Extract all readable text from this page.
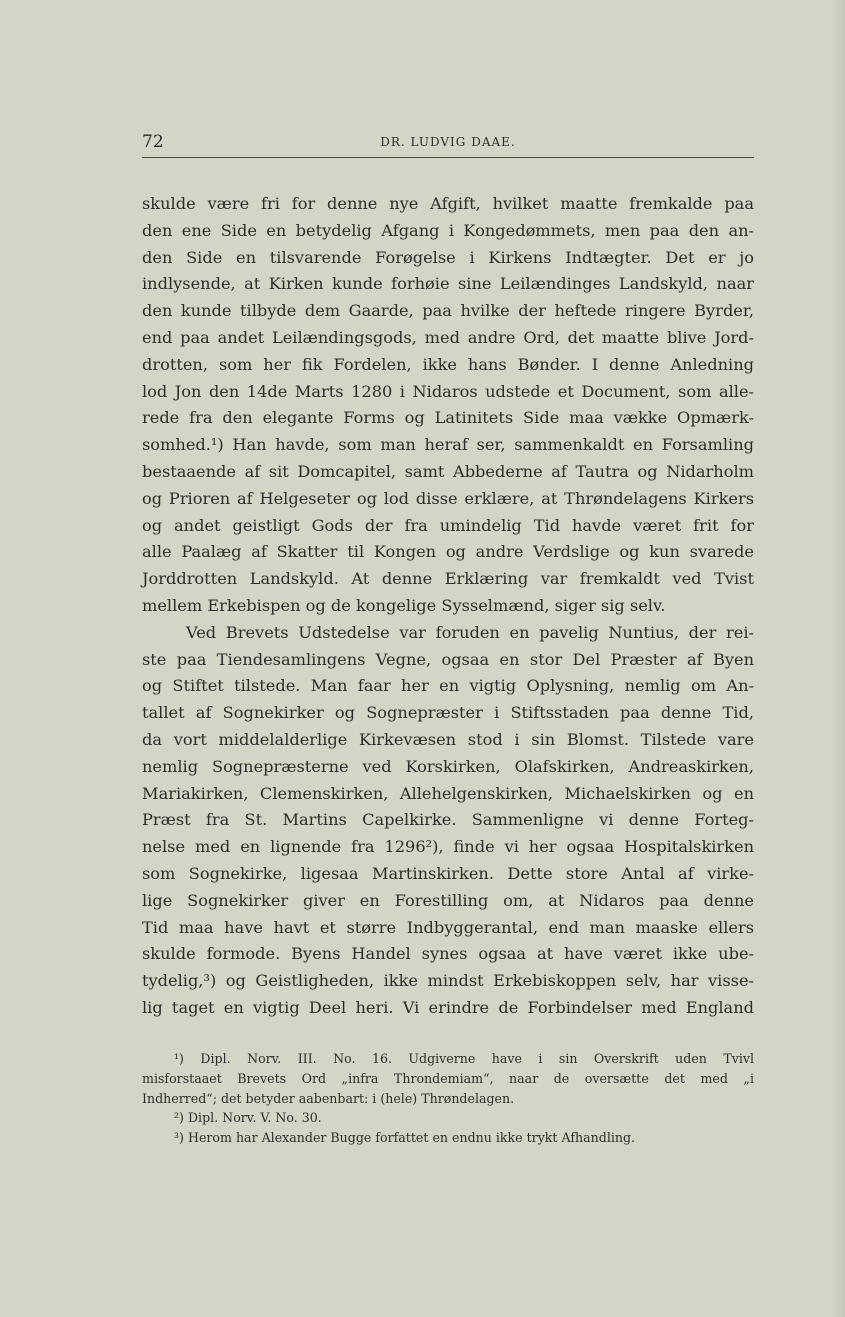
72	DR. LUDVIG DAAE.
skulde være fri for denne nye Afgift, hvilket maatte fremkalde paa
den ene Side en betydelig Afgang i Kongedømmets, men paa den an-
den Side en tilsvarende Forøgelse i Kirkens Indtægter. Det er jo
indlysende, at Kirken kunde forhøie sine Leilændinges Landskyld, naar
den kunde tilbyde dem Gaarde, paa hvilke der heftede ringere Byrder,
end paa andet Leilændingsgods, med andre Ord, det maatte blive Jord-
drotten, som her fik Fordelen, ikke hans Bønder. I denne Anledning
lod Jon den 14de Marts 1280 i Nidaros udstede et Document, som alle-
rede fra den elegante Forms og Latinitets Side maa vække Opmærk-
somhed.¹) Han havde, som man heraf ser, sammenkaldt en Forsamling
bestaaende af sit Domcapitel, samt Abbederne af Tautra og Nidarholm
og Prioren af Helgeseter og lod disse erklære, at Thrøndelagens Kirkers
og andet geistligt Gods der fra umindelig Tid havde været frit for
alle Paalæg af Skatter til Kongen og andre Verdslige og kun svarede
Jorddrotten Landskyld. At denne Erklæring var fremkaldt ved Tvist
mellem Erkebispen og de kongelige Sysselmænd, siger sig selv.
Ved Brevets Udstedelse var foruden en pavelig Nuntius, der rei-
ste paa Tiendesamlingens Vegne, ogsaa en stor Del Præster af Byen
og Stiftet tilstede. Man faar her en vigtig Oplysning, nemlig om An-
tallet af Sognekirker og Sognepræster i Stiftsstaden paa denne Tid,
da vort middelalderlige Kirkevæsen stod i sin Blomst. Tilstede vare
nemlig Sognepræsterne ved Korskirken, Olafskirken, Andreaskirken,
Mariakirken, Clemenskirken, Allehelgenskirken, Michaelskirken og en
Præst fra St. Martins Capelkirke. Sammenligne vi denne Forteg-
nelse med en lignende fra 1296²), finde vi her ogsaa Hospitalskirken
som Sognekirke, ligesaa Martinskirken. Dette store Antal af virke-
lige Sognekirker giver en Forestilling om, at Nidaros paa denne
Tid maa have havt et større Indbyggerantal, end man maaske ellers
skulde formode. Byens Handel synes ogsaa at have været ikke ube-
tydelig,³) og Geistligheden, ikke mindst Erkebiskoppen selv, har visse-
lig taget en vigtig Deel heri. Vi erindre de Forbindelser med England
¹) Dipl. Norv. III. No. 16. Udgiverne have i sin Overskrift uden Tvivl
misforstaaet Brevets Ord „infra Throndemiam“, naar de oversætte det med „i
Indherred“; det betyder aabenbart: i (hele) Thrøndelagen.
²) Dipl. Norv. V. No. 30.
³) Herom har Alexander Bugge forfattet en endnu ikke trykt Afhandling.
